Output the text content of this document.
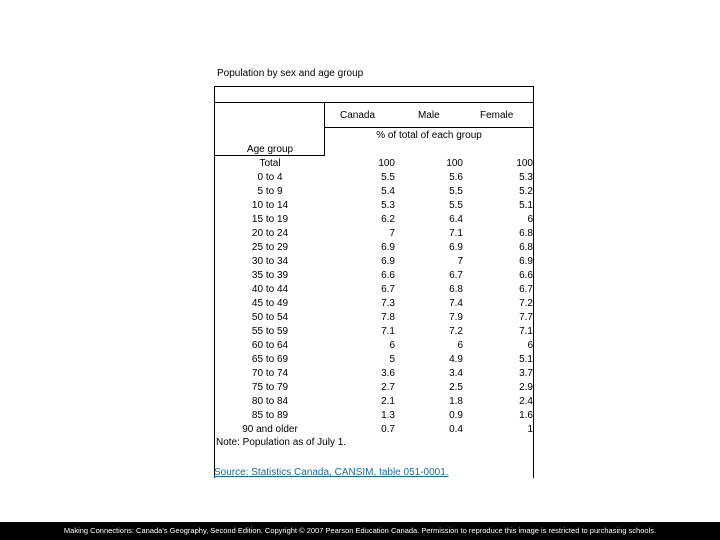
Population by sex and age group
Canada	Male	Female
% of total of each group
Age group
Total	100	100	100
0 to 4	5.5	5.6	5.3
5 to 9	5.4	5.5	5.2
10 to 14	5.3	5.5	5.1
15 to 19	6.2	6.4	6
20 to 24	7	7.1	6.8
25 to 29	6.9	6.9	6.8
30 to 34	6.9	7	6.9
35 to 39	6.6	6.7	6.6
40 to 44	6.7	6.8	6.7
45 to 49	7.3	7.4	7.2
50 to 54	7.8	7.9	7.7
55 to 59	7.1	7.2	7.1
60 to 64	6	6	6
65 to 69	5	4.9	5.1
70 to 74	3.6	3.4	3.7
75 to 79	2.7	2.5	2.9
80 to 84	2.1	1.8	2.4
85 to 89	1.3	0.9	1.6
90 and older	0.7	0.4	1
Note: Population as of July 1.
Source: Statistics Canada, CANSIM, table 051-0001.
Making Connections: Canada's Geography, Second Edition. Copyright © 2007 Pearson Education Canada. Permission to reproduce this image is restricted to purchasing schools.
